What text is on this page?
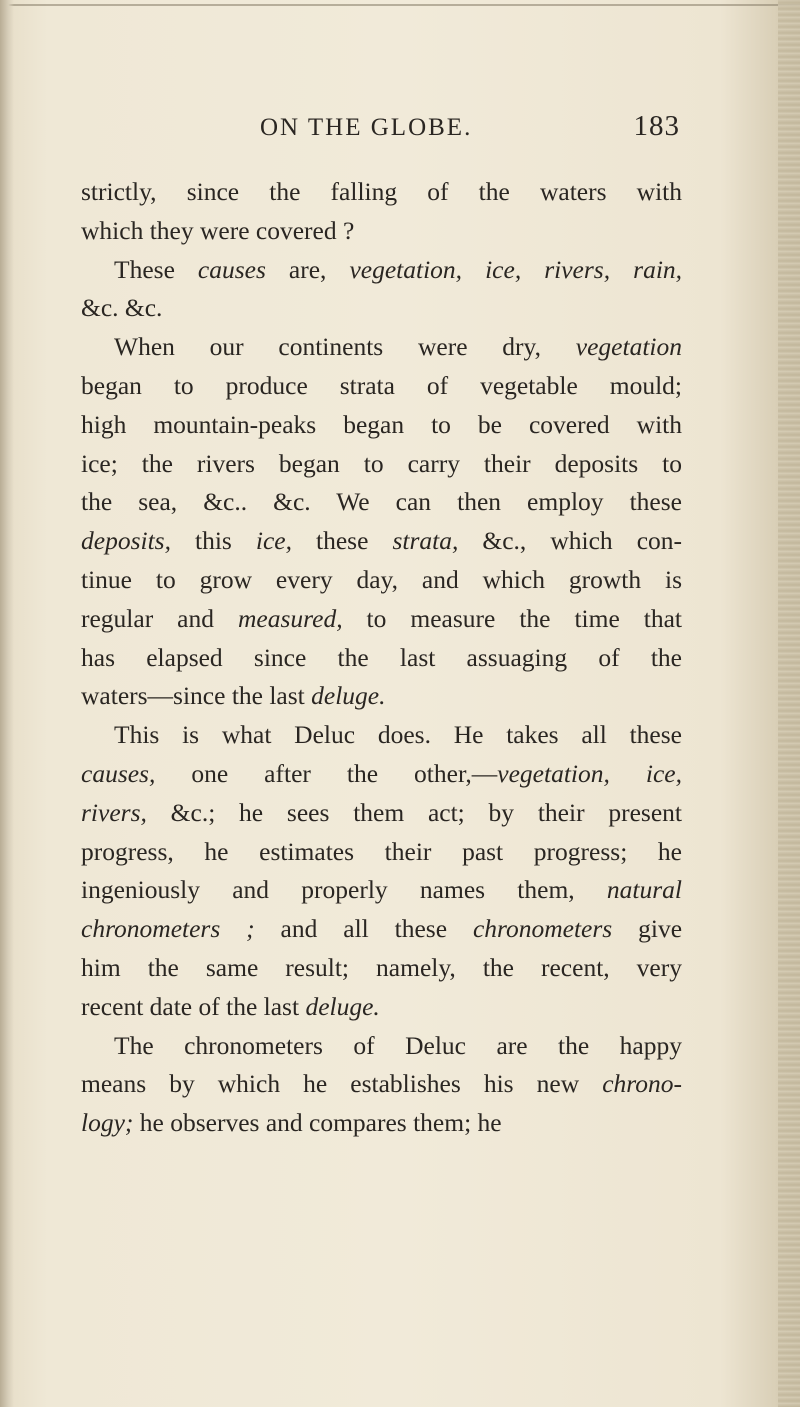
ON THE GLOBE.	183
strictly, since the falling of the waters with
which they were covered ?
These causes are, vegetation, ice, rivers, rain,
&c. &c.
When our continents were dry, vegetation
began to produce strata of vegetable mould;
high mountain-peaks began to be covered with
ice; the rivers began to carry their deposits to
the sea, &c.. &c. We can then employ these
deposits, this ice, these strata, &c., which con-
tinue to grow every day, and which growth is
regular and measured, to measure the time that
has elapsed since the last assuaging of the
waters—since the last deluge.
This is what Deluc does. He takes all these
causes, one after the other,—vegetation, ice,
rivers, &c.; he sees them act; by their present
progress, he estimates their past progress; he
ingeniously and properly names them, natural
chronometers ; and all these chronometers give
him the same result; namely, the recent, very
recent date of the last deluge.
The chronometers of Deluc are the happy
means by which he establishes his new chrono-
logy; he observes and compares them; he
